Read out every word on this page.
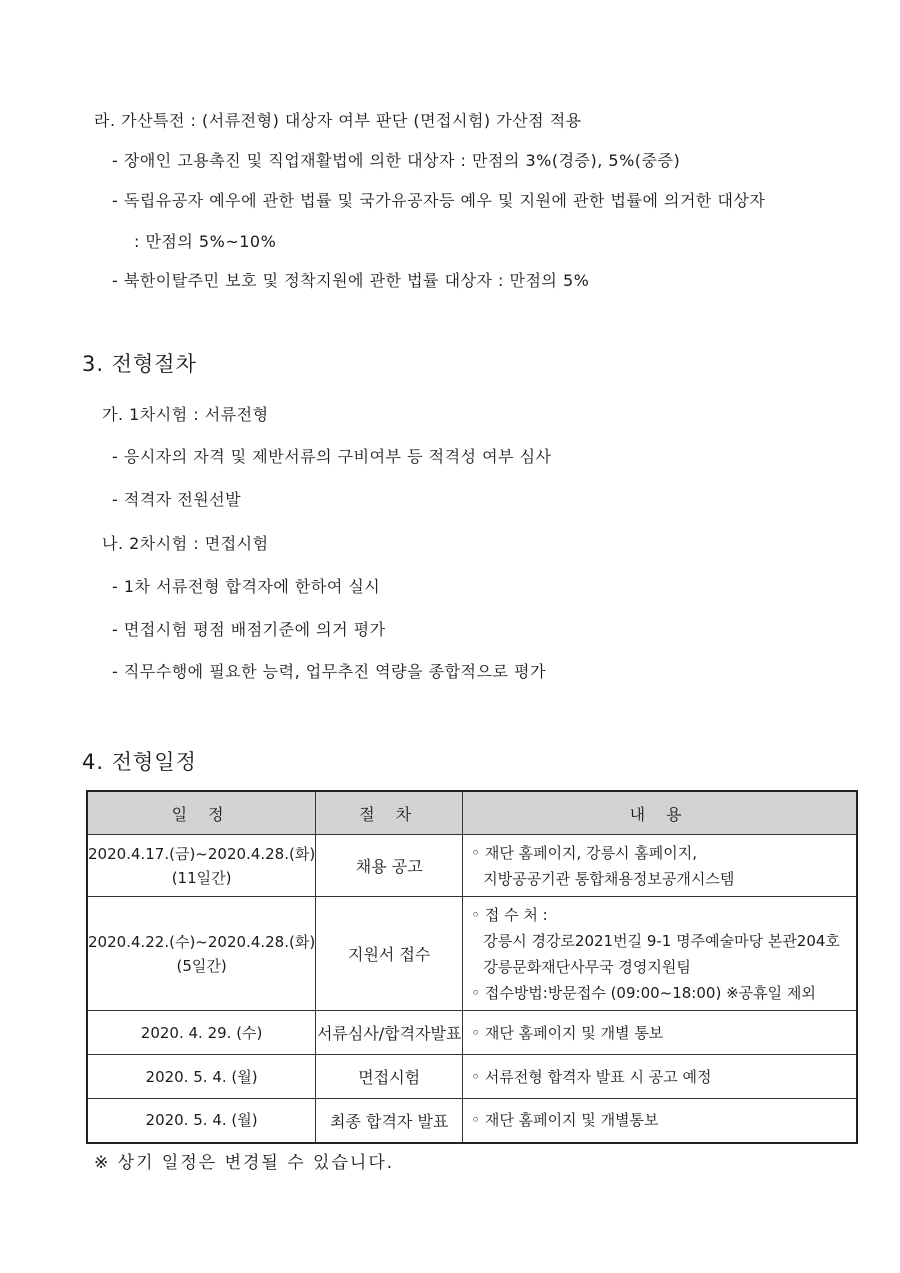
라. 가산특전 : (서류전형) 대상자 여부 판단 (면접시험) 가산점 적용
- 장애인 고용촉진 및 직업재활법에 의한 대상자 : 만점의 3%(경증), 5%(중증)
- 독립유공자 예우에 관한 법률 및 국가유공자등 예우 및 지원에 관한 법률에 의거한 대상자
: 만점의 5%~10%
- 북한이탈주민 보호 및 정착지원에 관한 법률 대상자 : 만점의 5%
3. 전형절차
가. 1차시험 : 서류전형
- 응시자의 자격 및 제반서류의 구비여부 등 적격성 여부 심사
- 적격자 전원선발
나. 2차시험 : 면접시험
- 1차 서류전형 합격자에 한하여 실시
- 면접시험 평점 배점기준에 의거 평가
- 직무수행에 필요한 능력, 업무추진 역량을 종합적으로 평가
4. 전형일정
일 정	절 차	내 용

2020.4.17.(금)~2020.4.28.(화)
(11일간)	채용 공고	◦ 재단 홈페이지, 강릉시 홈페이지,
지방공공기관 통합채용정보공개시스템

2020.4.22.(수)~2020.4.28.(화)
(5일간)	지원서 접수	◦ 접 수 처 :
강릉시 경강로2021번길 9-1 명주예술마당 본관204호
강릉문화재단사무국 경영지원팀
◦ 접수방법:방문접수 (09:00~18:00) ※공휴일 제외

2020. 4. 29. (수)	서류심사/합격자발표	◦ 재단 홈페이지 및 개별 통보

2020. 5. 4. (월)	면접시험	◦ 서류전형 합격자 발표 시 공고 예정

2020. 5. 4. (월)	최종 합격자 발표	◦ 재단 홈페이지 및 개별통보
※ 상기 일정은 변경될 수 있습니다.
